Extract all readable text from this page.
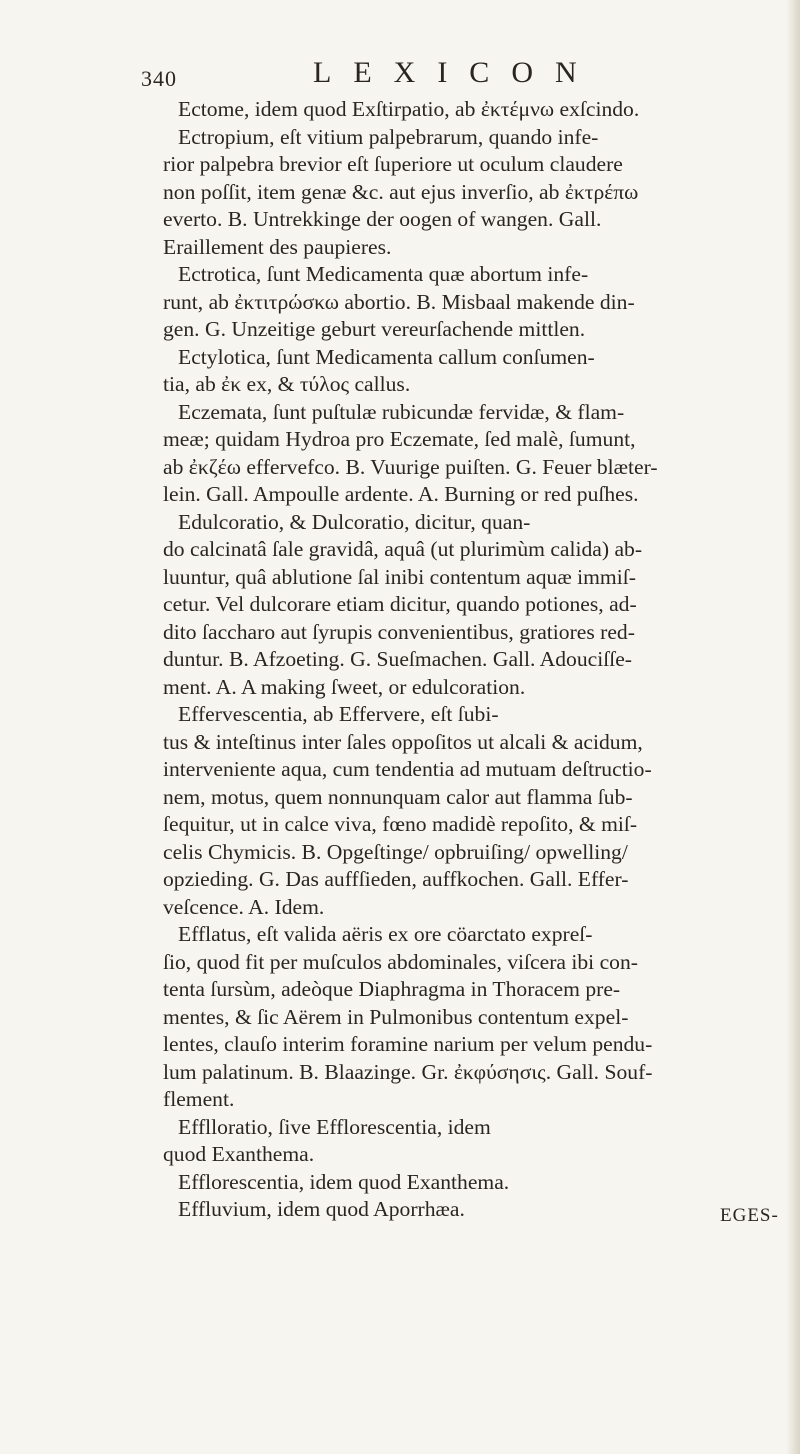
340	LEXICON
Ectome, idem quod Exſtirpatio, ab ἐκτέμνω exſcindo.
Ectropium, eſt vitium palpebrarum, quando infe-
rior palpebra brevior eſt ſuperiore ut oculum claudere
non poſſit, item genæ &c. aut ejus inverſio, ab ἐκτρέπω
everto. B. Untrekkinge der oogen of wangen. Gall.
Eraillement des paupieres.
Ectrotica, ſunt Medicamenta quæ abortum infe-
runt, ab ἐκτιτρώσκω abortio. B. Misbaal makende din-
gen. G. Unzeitige geburt vereurſachende mittlen.
Ectylotica, ſunt Medicamenta callum conſumen-
tia, ab ἐκ ex, & τύλος callus.
Eczemata, ſunt puſtulæ rubicundæ fervidæ, & flam-
meæ; quidam Hydroa pro Eczemate, ſed malè, ſumunt,
ab ἐκζέω effervefco. B. Vuurige puiſten. G. Feuer blæter-
lein. Gall. Ampoulle ardente. A. Burning or red puſhes.
Edulcoratio, & Dulcoratio, dicitur, quan-
do calcinatâ ſale gravidâ, aquâ (ut plurimùm calida) ab-
luuntur, quâ ablutione ſal inibi contentum aquæ immiſ-
cetur. Vel dulcorare etiam dicitur, quando potiones, ad-
dito ſaccharo aut ſyrupis convenientibus, gratiores red-
duntur. B. Afzoeting. G. Sueſmachen. Gall. Adouciſſe-
ment. A. A making ſweet, or edulcoration.
Effervescentia, ab Effervere, eſt ſubi-
tus & inteſtinus inter ſales oppoſitos ut alcali & acidum,
interveniente aqua, cum tendentia ad mutuam deſtructio-
nem, motus, quem nonnunquam calor aut flamma ſub-
ſequitur, ut in calce viva, fœno madidè repoſito, & miſ-
celis Chymicis. B. Opgeſtinge/ opbruiſing/ opwelling/
opzieding. G. Das auffſieden, auffkochen. Gall. Effer-
veſcence. A. Idem.
Efflatus, eſt valida aëris ex ore cöarctato expreſ-
ſio, quod fit per muſculos abdominales, viſcera ibi con-
tenta ſursùm, adeòque Diaphragma in Thoracem pre-
mentes, & ſic Aërem in Pulmonibus contentum expel-
lentes, clauſo interim foramine narium per velum pendu-
lum palatinum. B. Blaazinge. Gr. ἐκφύσησις. Gall. Souf-
flement.
Efflloratio, ſive Efflorescentia, idem
quod Exanthema.
Efflorescentia, idem quod Exanthema.
Effluvium, idem quod Aporrhæa.	EGES-
